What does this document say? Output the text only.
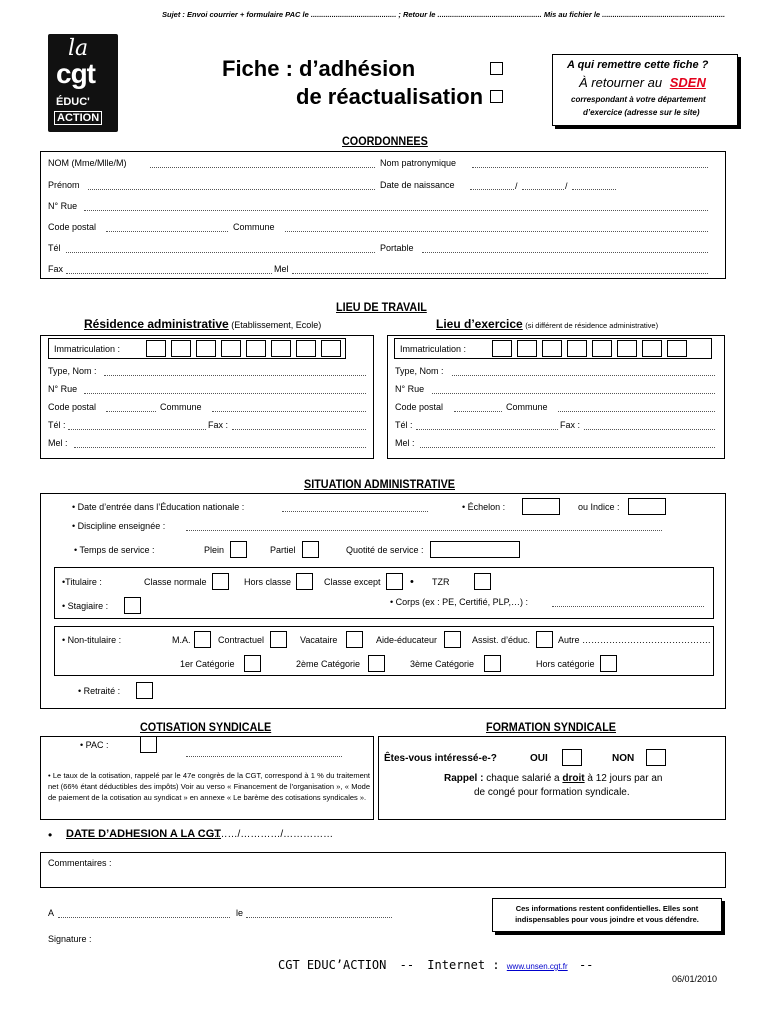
Sujet : Envoi courrier + formulaire PAC le ......................................... ; Retour le .................................................. Mis au fichier le ...........................................................
la
cgt
ÉDUC'
ACTION
Fiche : d’adhésion
de réactualisation
A qui remettre cette fiche ?
À retourner au SDEN
correspondant à votre département
d’exercice (adresse sur le site)
COORDONNEES
NOM (Mme/Mlle/M)	Nom patronymique
Prénom	Date de naissance	/	/
N° Rue
Code postal	Commune
Tél	Portable
Fax	Mel
LIEU DE TRAVAIL
Résidence administrative (Etablissement, Ecole)	Lieu d’exercice (si différent de résidence administrative)
Immatriculation :
Type, Nom :
N° Rue
Code postal	Commune
Tél :	Fax :
Mel :
Immatriculation :
Type, Nom :
N° Rue
Code postal	Commune
Tél :	Fax :
Mel :
SITUATION ADMINISTRATIVE
• Date d’entrée dans l’Éducation nationale :	• Échelon :	ou Indice :
• Discipline enseignée :
• Temps de service :	Plein	Partiel	Quotité de service :
•Titulaire :	Classe normale	Hors classe	Classe except	• TZR
• Stagiaire :	• Corps (ex : PE, Certifié, PLP,…) :
• Non-titulaire :	M.A.	Contractuel	Vacataire	Aide-éducateur	Assist. d’éduc.	Autre …………………………………….
1er Catégorie	2ème Catégorie	3ème Catégorie	Hors catégorie
• Retraité :
COTISATION SYNDICALE
• PAC :
• Le taux de la cotisation, rappelé par le 47e congrès de la CGT, correspond à 1 % du traitement net (66% étant déductibles des impôts) Voir au verso « Financement de l’organisation », « Mode de paiement de la cotisation au syndicat » en annexe « Le barème des cotisations syndicales ».
FORMATION SYNDICALE
Êtes-vous intéressé-e-?	OUI	NON
Rappel : chaque salarié a droit à 12 jours par an
de congé pour formation syndicale.
• DATE D’ADHESION A LA CGT
: ………/…………/……………
Commentaires :
A	le
Signature :
Ces informations restent confidentielles. Elles sont indispensables pour vous joindre et vous défendre.
CGT EDUC’ACTION -- Internet : www.unsen.cgt.fr --
06/01/2010
